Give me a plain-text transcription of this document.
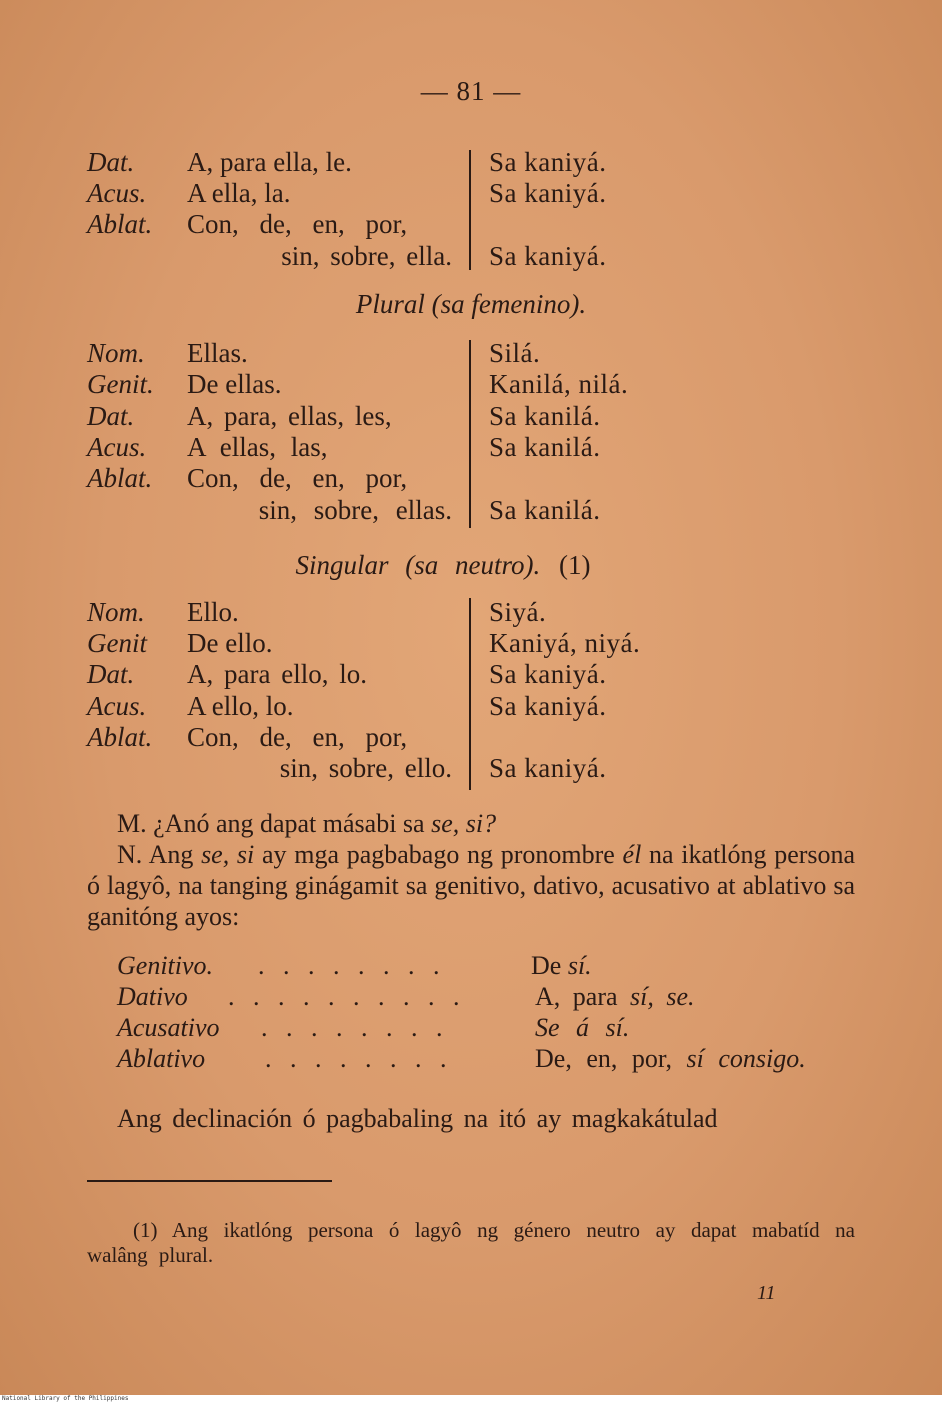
— 81 —
Dat. A, para ella, le.	Sa kaniyá.
Acus. A ella, la.	Sa kaniyá.
Ablat. Con, de, en, por,
sin, sobre, ella. Sa kaniyá.
Plural (sa femenino).
Nom. Ellas.	Silá.
Genit. De ellas.	Kanilá, nilá.
Dat. A, para, ellas, les,	Sa kanilá.
Acus. A ellas, las,	Sa kanilá.
Ablat. Con, de, en, por,
sin, sobre, ellas. Sa kanilá.
Singular (sa neutro). (1)
Nom. Ello.	Siyá.
Genit De ello.	Kaniyá, niyá.
Dat. A, para ello, lo.	Sa kaniyá.
Acus. A ello, lo.	Sa kaniyá.
Ablat. Con, de, en, por,
sin, sobre, ello. Sa kaniyá.
M. ¿Anó ang dapat másabi sa se, si?
N. Ang se, si ay mga pagbabago ng pronombre él na ikatlóng persona ó lagyô, na tanging ginágamit sa genitivo, dativo, acusativo at ablativo sa ganitóng ayos:
Genitivo. . . . . . . . .	De sí.
Dativo . . . . . . . . . .	A, para sí, se.
Acusativo . . . . . . . .	Se á sí.
Ablativo . . . . . . . .	De, en, por, sí consigo.
Ang declinación ó pagbabaling na itó ay magkakátulad
(1) Ang ikatlóng persona ó lagyô ng género neutro ay dapat mabatíd na walâng plural.
11
National Library of the Philippines
